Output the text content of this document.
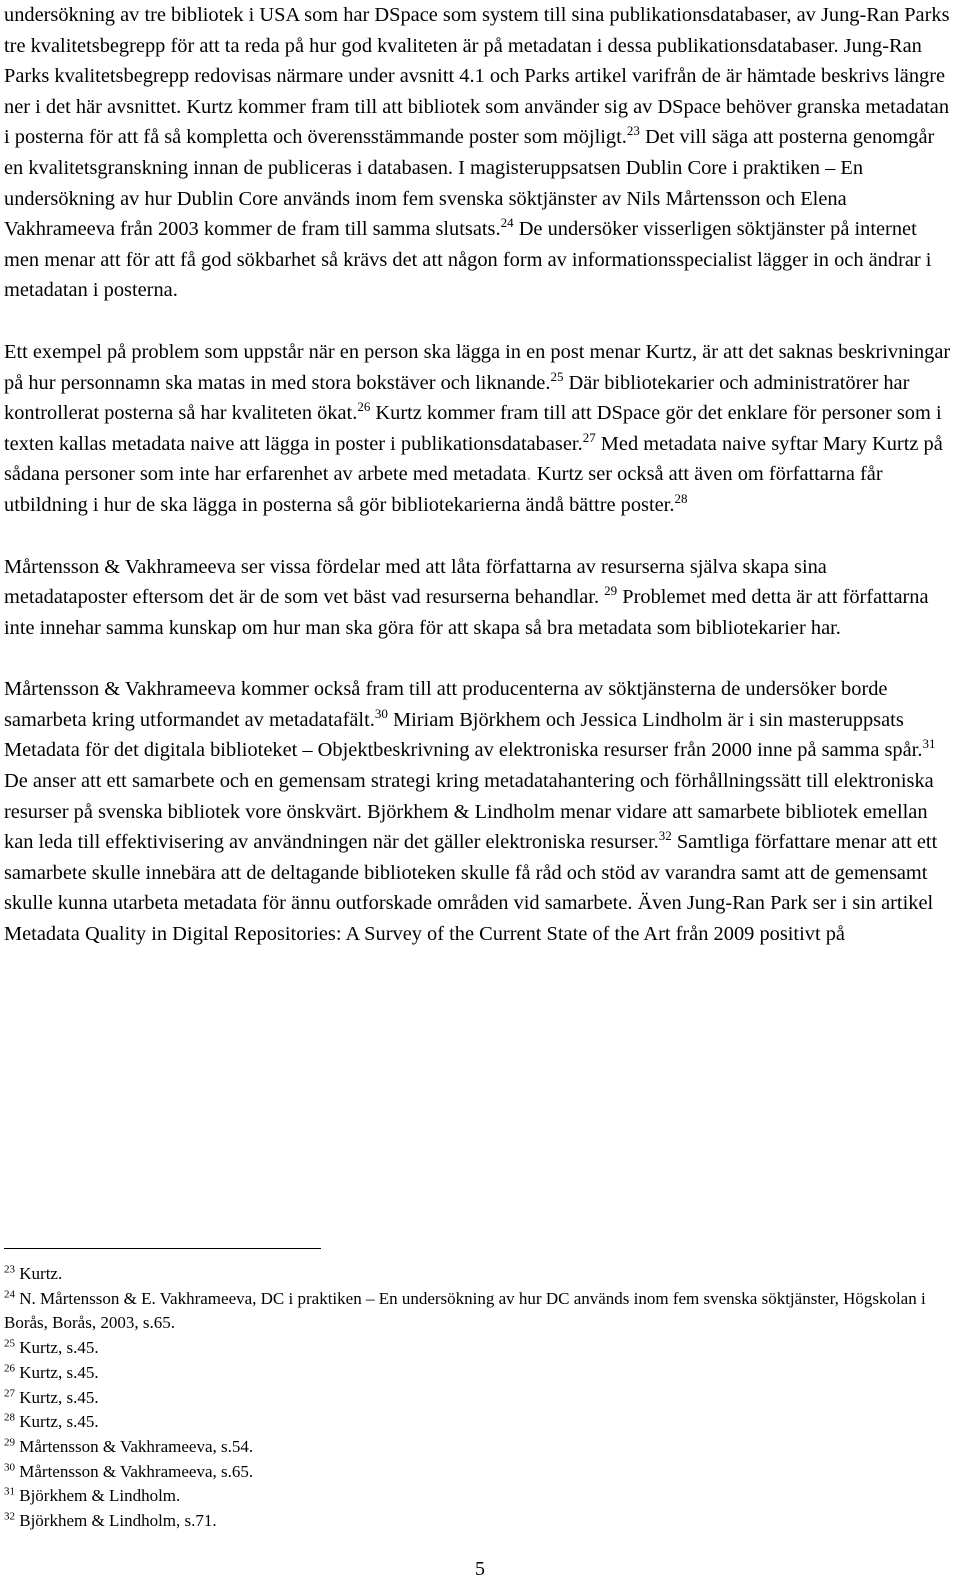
undersökning av tre bibliotek i USA som har DSpace som system till sina publikationsdatabaser, av Jung-Ran Parks tre kvalitetsbegrepp för att ta reda på hur god kvaliteten är på metadatan i dessa publikationsdatabaser. Jung-Ran Parks kvalitetsbegrepp redovisas närmare under avsnitt 4.1 och Parks artikel varifrån de är hämtade beskrivs längre ner i det här avsnittet. Kurtz kommer fram till att bibliotek som använder sig av DSpace behöver granska metadatan i posterna för att få så kompletta och överensstämmande poster som möjligt.$^{23}$ Det vill säga att posterna genomgår en kvalitetsgranskning innan de publiceras i databasen. I magisteruppsatsen Dublin Core i praktiken – En undersökning av hur Dublin Core används inom fem svenska söktjänster av Nils Mårtensson och Elena Vakhrameeva från 2003 kommer de fram till samma slutsats.$^{24}$ De undersöker visserligen söktjänster på internet men menar att för att få god sökbarhet så krävs det att någon form av informationsspecialist lägger in och ändrar i metadatan i posterna.

Ett exempel på problem som uppstår när en person ska lägga in en post menar Kurtz, är att det saknas beskrivningar på hur personnamn ska matas in med stora bokstäver och liknande.$^{25}$ Där bibliotekarier och administratörer har kontrollerat posterna så har kvaliteten ökat.$^{26}$ Kurtz kommer fram till att DSpace gör det enklare för personer som i texten kallas metadata naive att lägga in poster i publikationsdatabaser.$^{27}$ Med metadata naive syftar Mary Kurtz på sådana personer som inte har erfarenhet av arbete med metadata. Kurtz ser också att även om författarna får utbildning i hur de ska lägga in posterna så gör bibliotekarierna ändå bättre poster.$^{28}$

Mårtensson & Vakhrameeva ser vissa fördelar med att låta författarna av resurserna själva skapa sina metadataposter eftersom det är de som vet bäst vad resurserna behandlar. $^{29}$ Problemet med detta är att författarna inte innehar samma kunskap om hur man ska göra för att skapa så bra metadata som bibliotekarier har.

Mårtensson & Vakhrameeva kommer också fram till att producenterna av söktjänsterna de undersöker borde samarbeta kring utformandet av metadatafält.$^{30}$ Miriam Björkhem och Jessica Lindholm är i sin masteruppsats Metadata för det digitala biblioteket – Objektbeskrivning av elektroniska resurser från 2000 inne på samma spår.$^{31}$ De anser att ett samarbete och en gemensam strategi kring metadatahantering och förhållningssätt till elektroniska resurser på svenska bibliotek vore önskvärt. Björkhem & Lindholm menar vidare att samarbete bibliotek emellan kan leda till effektivisering av användningen när det gäller elektroniska resurser.$^{32}$ Samtliga författare menar att ett samarbete skulle innebära att de deltagande biblioteken skulle få råd och stöd av varandra samt att de gemensamt skulle kunna utarbeta metadata för ännu outforskade områden vid samarbete. Även Jung-Ran Park ser i sin artikel Metadata Quality in Digital Repositories: A Survey of the Current State of the Art från 2009 positivt på

$^{23}$ Kurtz.
$^{24}$ N. Mårtensson & E. Vakhrameeva, DC i praktiken – En undersökning av hur DC används inom fem svenska söktjänster, Högskolan i Borås, Borås, 2003, s.65.
$^{25}$ Kurtz, s.45.
$^{26}$ Kurtz, s.45.
$^{27}$ Kurtz, s.45.
$^{28}$ Kurtz, s.45.
$^{29}$ Mårtensson & Vakhrameeva, s.54.
$^{30}$ Mårtensson & Vakhrameeva, s.65.
$^{31}$ Björkhem & Lindholm.
$^{32}$ Björkhem & Lindholm, s.71.
5
